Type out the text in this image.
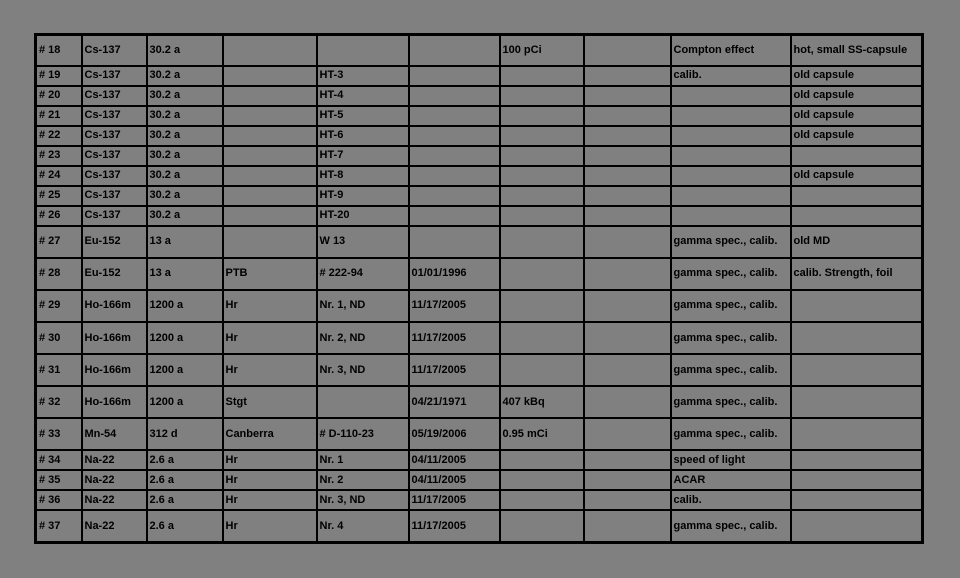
# 18	Cs-137	30.2 a				100 pCi		Compton effect	hot, small SS-capsule
# 19	Cs-137	30.2 a		HT-3				calib.	old capsule
# 20	Cs-137	30.2 a		HT-4					old capsule
# 21	Cs-137	30.2 a		HT-5					old capsule
# 22	Cs-137	30.2 a		HT-6					old capsule
# 23	Cs-137	30.2 a		HT-7					
# 24	Cs-137	30.2 a		HT-8					old capsule
# 25	Cs-137	30.2 a		HT-9					
# 26	Cs-137	30.2 a		HT-20					
# 27	Eu-152	13 a		W 13				gamma spec., calib.	old MD
# 28	Eu-152	13 a	PTB	# 222-94	01/01/1996			gamma spec., calib.	calib. Strength, foil
# 29	Ho-166m	1200 a	Hr	Nr. 1, ND	11/17/2005			gamma spec., calib.	
# 30	Ho-166m	1200 a	Hr	Nr. 2, ND	11/17/2005			gamma spec., calib.	
# 31	Ho-166m	1200 a	Hr	Nr. 3, ND	11/17/2005			gamma spec., calib.	
# 32	Ho-166m	1200 a	Stgt		04/21/1971	407 kBq		gamma spec., calib.	
# 33	Mn-54	312 d	Canberra	# D-110-23	05/19/2006	0.95 mCi		gamma spec., calib.	
# 34	Na-22	2.6 a	Hr	Nr. 1	04/11/2005			speed of light	
# 35	Na-22	2.6 a	Hr	Nr. 2	04/11/2005			ACAR	
# 36	Na-22	2.6 a	Hr	Nr. 3, ND	11/17/2005			calib.	
# 37	Na-22	2.6 a	Hr	Nr. 4	11/17/2005			gamma spec., calib.	
